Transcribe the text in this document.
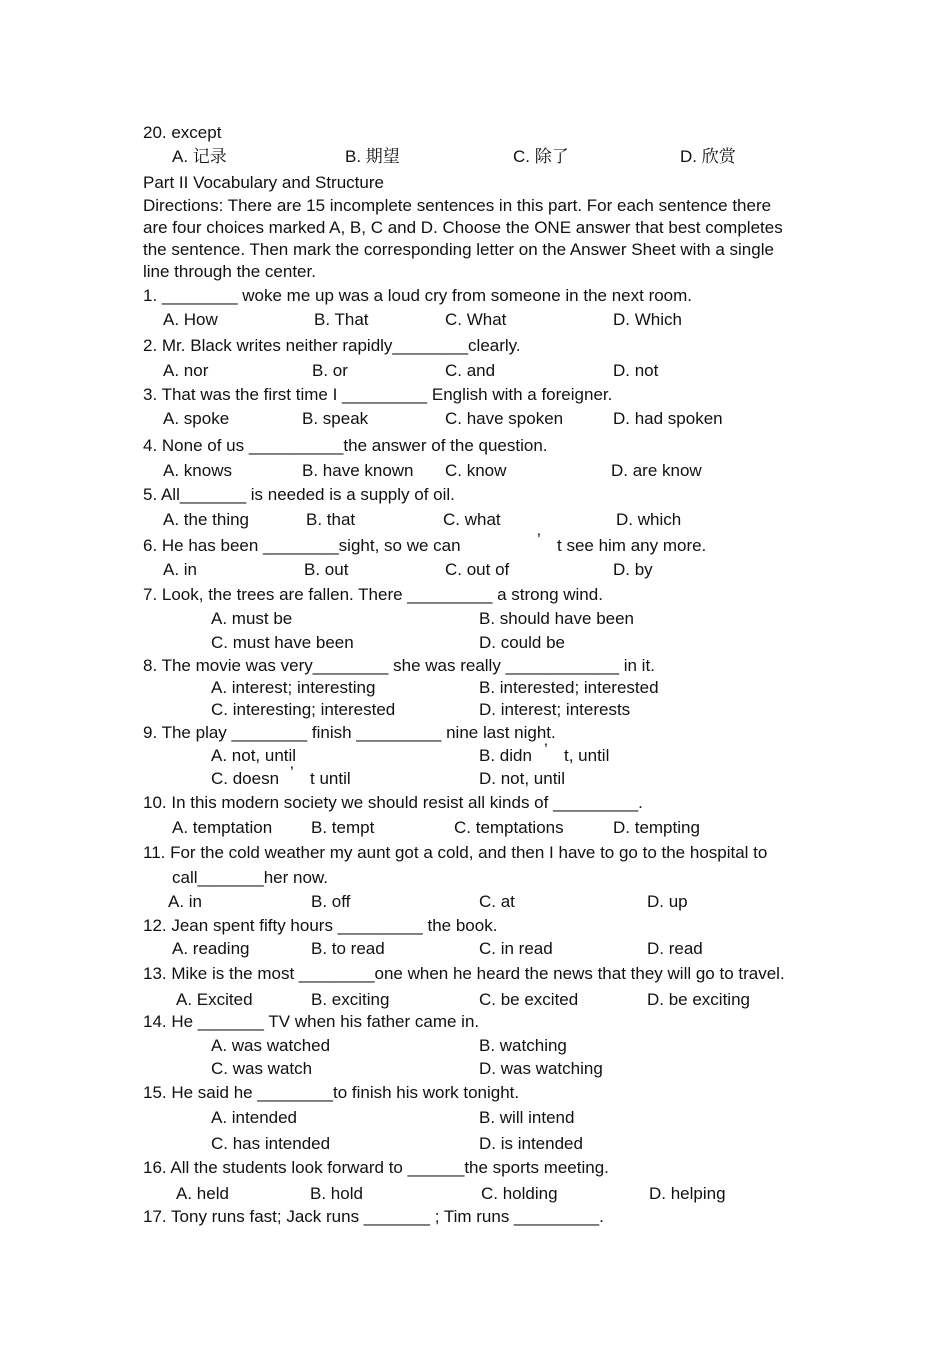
20. except
A. 记录	B. 期望	C. 除了	D. 欣赏
Part II Vocabulary and Structure
Directions: There are 15 incomplete sentences in this part. For each sentence there
are four choices marked A, B, C and D. Choose the ONE answer that best completes
the sentence. Then mark the corresponding letter on the Answer Sheet with a single
line through the center.
1. ________ woke me up was a loud cry from someone in the next room.
A. How	B. That	C. What	D. Which
2. Mr. Black writes neither rapidly________clearly.
A. nor	B. or	C. and	D. not
3. That was the first time I _________ English with a foreigner.
A. spoke	B. speak	C. have spoken	D. had spoken
4. None of us __________the answer of the question.
A. knows	B. have known C. know	D. are know
5. All_______ is needed is a supply of oil.
A. the thing	B. that	C. what	D. which
6. He has been ________sight, so we can	’ t see him any more.
A. in	B. out	C. out of	D. by
7. Look, the trees are fallen. There _________ a strong wind.
A. must be	B. should have been
C. must have been	D. could be
8. The movie was very________ she was really ____________ in it.
A. interest; interesting	B. interested; interested
C. interesting; interested	D. interest; interests
9. The play ________ finish _________ nine last night.
A. not, until	B. didn ’ t, until
C. doesn ’ t until	D. not, until
10. In this modern society we should resist all kinds of _________.
A. temptation B. tempt	C. temptations	D. tempting
11. For the cold weather my aunt got a cold, and then I have to go to the hospital to
call_______her now.
A. in	B. off	C. at	D. up
12. Jean spent fifty hours _________ the book.
A. reading	B. to read	C. in read	D. read
13. Mike is the most ________one when he heard the news that they will go to travel.
A. Excited	B. exciting	C. be excited	D. be exciting
14. He _______ TV when his father came in.
A. was watched	B. watching
C. was watch	D. was watching
15. He said he ________to finish his work tonight.
A. intended	B. will intend
C. has intended	D. is intended
16. All the students look forward to ______the sports meeting.
A. held	B. hold	C. holding	D. helping
17. Tony runs fast; Jack runs _______ ; Tim runs _________.
